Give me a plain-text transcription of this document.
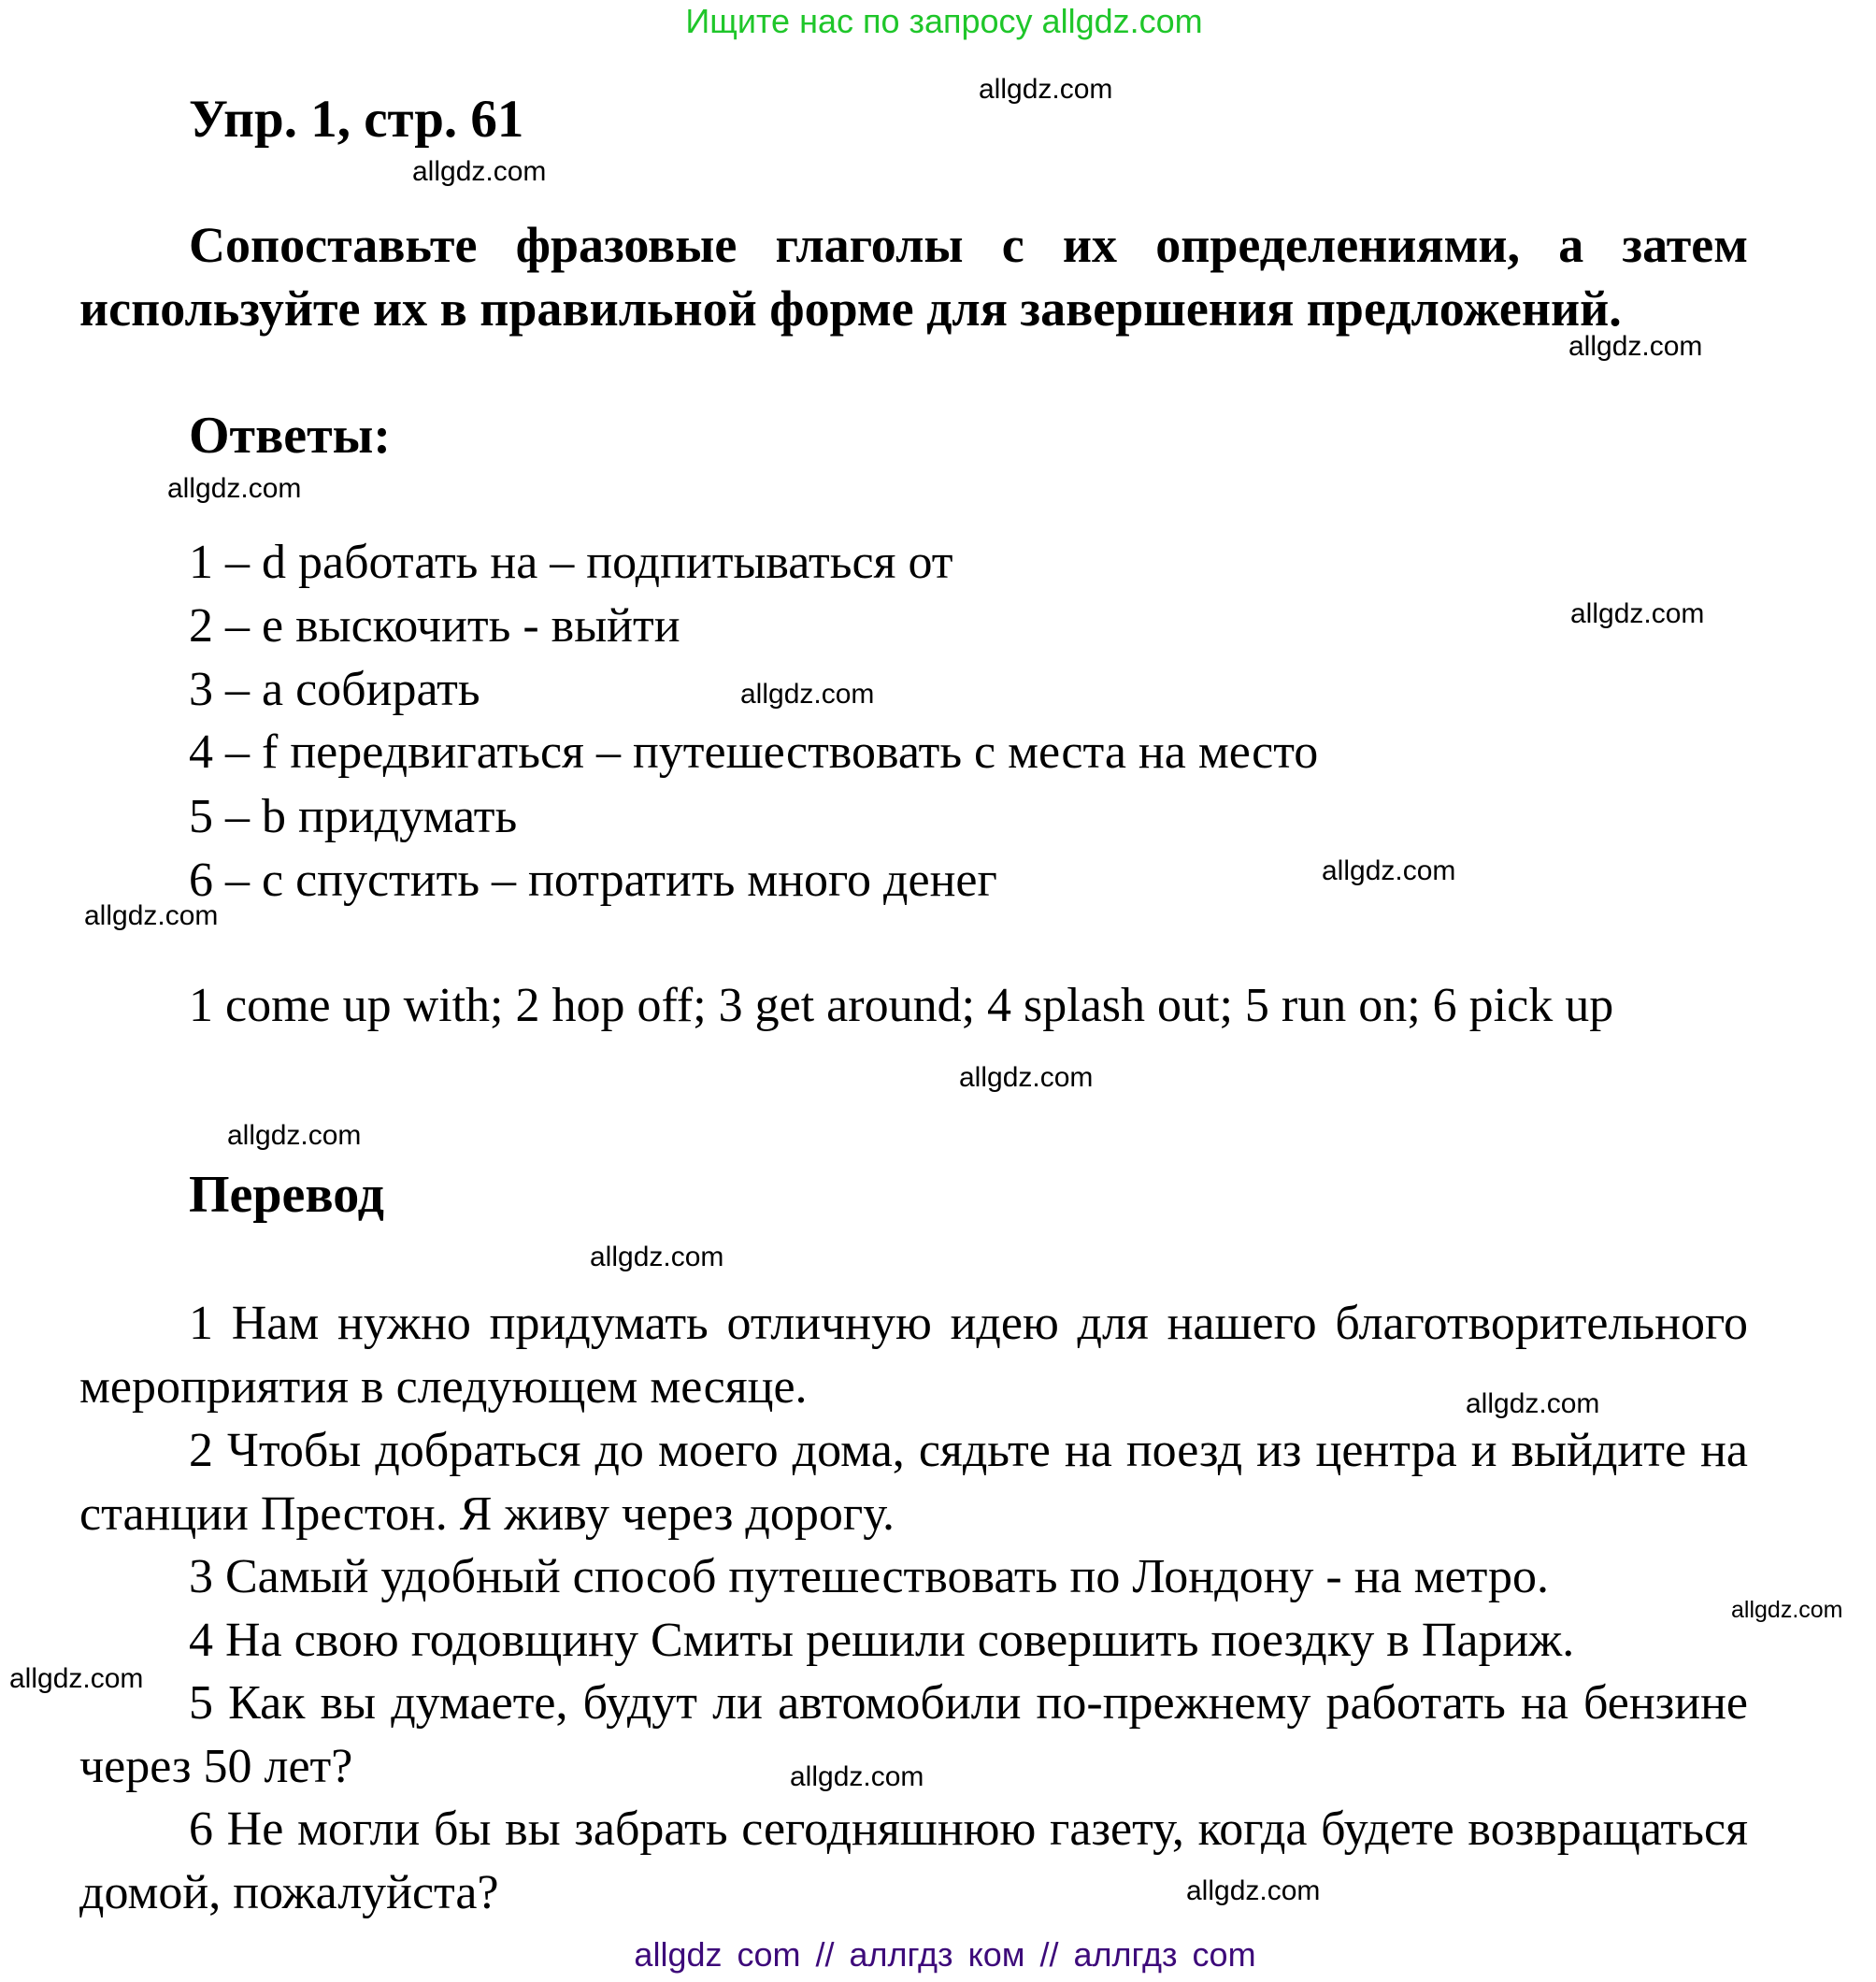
Ищите нас по запросу allgdz.com
Упр. 1, стр. 61
Сопоставьте фразовые глаголы с их определениями, а затем используйте их в правильной форме для завершения предложений.
Ответы:
1 – d работать на – подпитываться от
2 – e выскочить - выйти
3 – a собирать
4 – f передвигаться – путешествовать с места на место
5 – b придумать
6 – c спустить – потратить много денег
1 come up with; 2 hop off; 3 get around; 4 splash out; 5 run on; 6 pick up
Перевод
1 Нам нужно придумать отличную идею для нашего благотворительного мероприятия в следующем месяце.
2 Чтобы добраться до моего дома, сядьте на поезд из центра и выйдите на станции Престон. Я живу через дорогу.
3 Самый удобный способ путешествовать по Лондону - на метро.
4 На свою годовщину Смиты решили совершить поездку в Париж.
5 Как вы думаете, будут ли автомобили по-прежнему работать на бензине через 50 лет?
6 Не могли бы вы забрать сегодняшнюю газету, когда будете возвращаться домой, пожалуйста?
allgdz.com
allgdz.com
allgdz.com
allgdz.com
allgdz.com
allgdz.com
allgdz.com
allgdz.com
allgdz.com
allgdz.com
allgdz.com
allgdz.com
allgdz.com
allgdz.com
allgdz.com
allgdz.com
allgdz com // аллгдз ком // аллгдз com
